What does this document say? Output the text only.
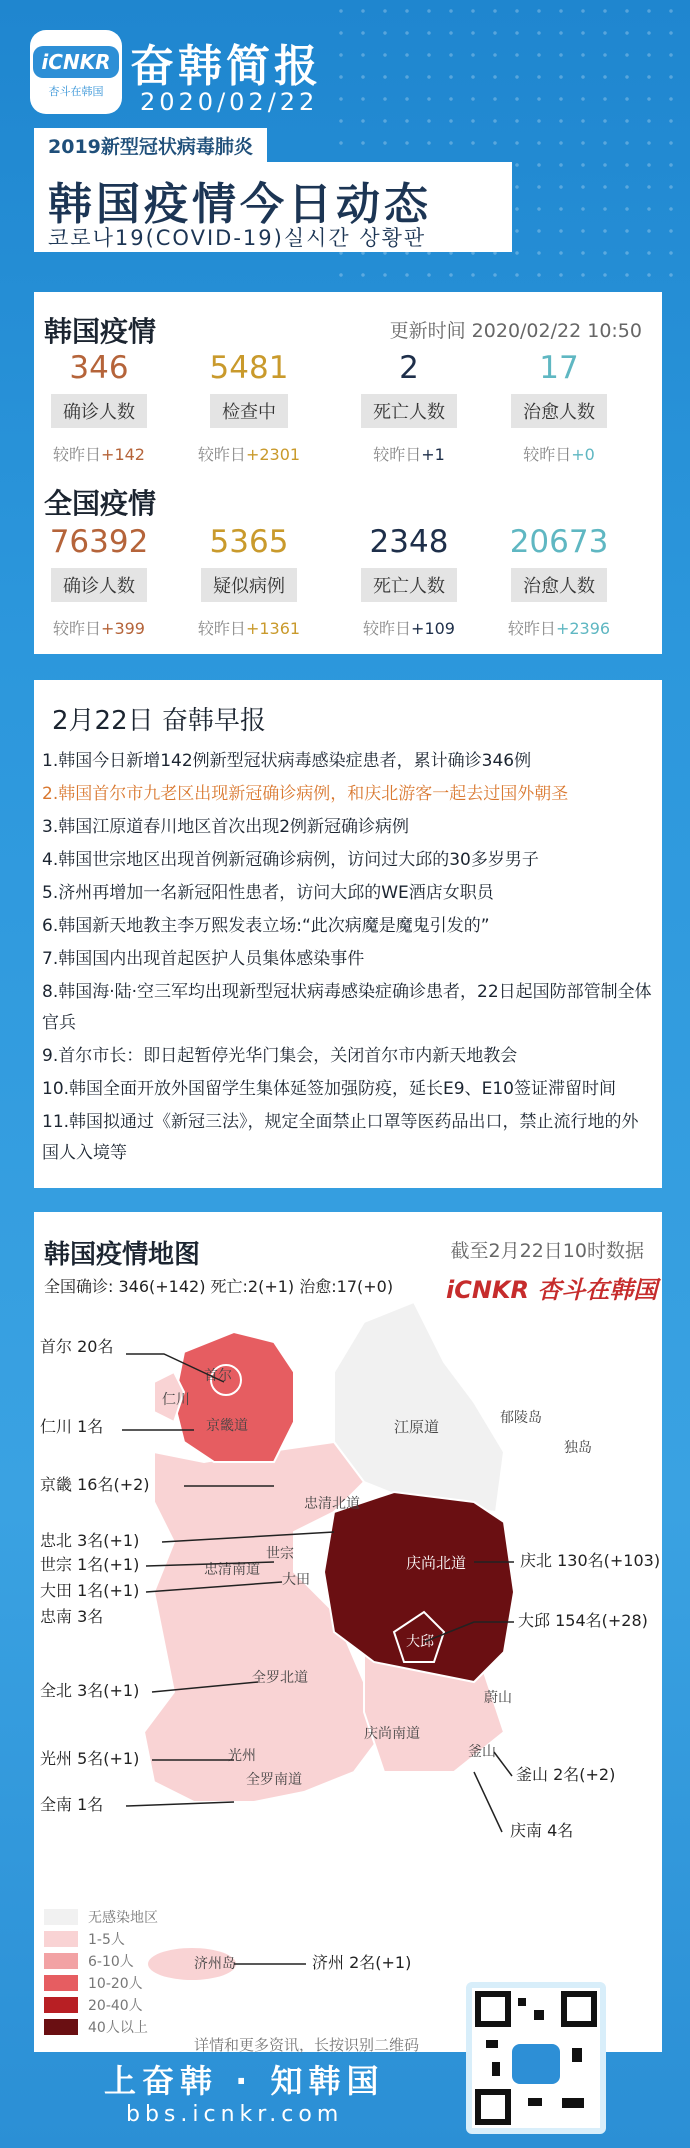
iCNKR
杏斗在韩国 奋韩简报
2020/02/22
2019新型冠状病毒肺炎
韩国疫情今日动态
코로나19(COVID-19)실시간 상황판
韩国疫情	更新时间 2020/02/22 10:50
346
确诊人数
较昨日+142
5481
检查中
较昨日+2301
2
死亡人数
较昨日+1
17
治愈人数
较昨日+0
全国疫情
76392
确诊人数
较昨日+399
5365
疑似病例
较昨日+1361
2348
死亡人数
较昨日+109
20673
治愈人数
较昨日+2396
2月22日 奋韩早报
1.韩国今日新增142例新型冠状病毒感染症患者，累计确诊346例
2.韩国首尔市九老区出现新冠确诊病例，和庆北游客一起去过国外朝圣
3.韩国江原道春川地区首次出现2例新冠确诊病例
4.韩国世宗地区出现首例新冠确诊病例，访问过大邱的30多岁男子
5.济州再增加一名新冠阳性患者，访问大邱的WE酒店女职员
6.韩国新天地教主李万熙发表立场:“此次病魔是魔鬼引发的”
7.韩国国内出现首起医护人员集体感染事件
8.韩国海·陆·空三军均出现新型冠状病毒感染症确诊患者，22日起国防部管制全体官兵
9.首尔市长：即日起暂停光华门集会，关闭首尔市内新天地教会
10.韩国全面开放外国留学生集体延签加强防疫，延长E9、E10签证滞留时间
11.韩国拟通过《新冠三法》，规定全面禁止口罩等医药品出口，禁止流行地的外国人入境等
江原道	郁陵岛
独岛
首尔
京畿道
仁川
忠清北道
世宗
大田
忠清南道	庆尚北道
大邱
蔚山
庆尚南道
釜山
全罗北道
光州
全罗南道
济州岛
首尔 20名
仁川 1名
京畿 16名(+2)
忠北 3名(+1)
世宗 1名(+1)
大田 1名(+1)
忠南 3名
全北 3名(+1)
光州 5名(+1)
全南 1名
庆北 130名(+103)
大邱 154名(+28)
釜山 2名(+2)
庆南 4名
济州 2名(+1)
韩国疫情地图	截至2月22日10时数据
全国确诊: 346(+142) 死亡:2(+1) 治愈:17(+0) iCNKR 杏斗在韩国
无感染地区
1-5人
6-10人
10-20人
20-40人
40人以上
详情和更多资讯，长按识别二维码
上奋韩 · 知韩国
bbs.icnkr.com
